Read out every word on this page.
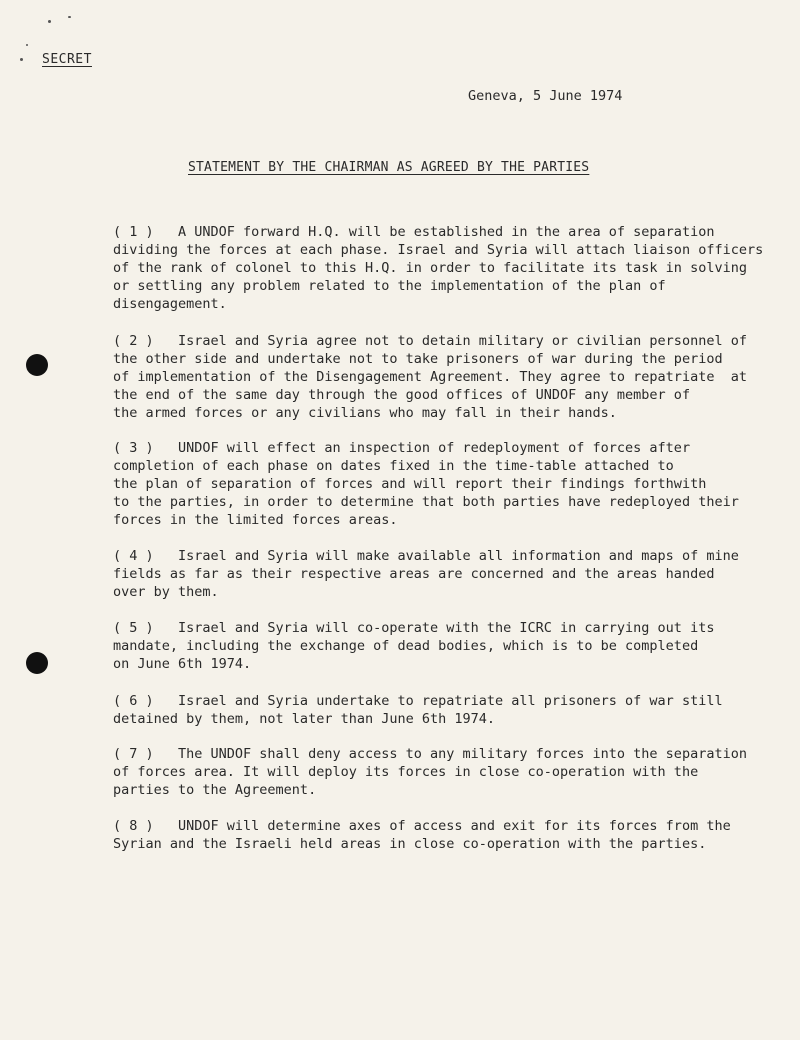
SECRET
Geneva, 5 June 1974
STATEMENT BY THE CHAIRMAN AS AGREED BY THE PARTIES
( 1 )   A UNDOF forward H.Q. will be established in the area of separation
dividing the forces at each phase. Israel and Syria will attach liaison officers
of the rank of colonel to this H.Q. in order to facilitate its task in solving
or settling any problem related to the implementation of the plan of
disengagement.
( 2 )   Israel and Syria agree not to detain military or civilian personnel of
the other side and undertake not to take prisoners of war during the period
of implementation of the Disengagement Agreement. They agree to repatriate  at
the end of the same day through the good offices of UNDOF any member of
the armed forces or any civilians who may fall in their hands.
( 3 )   UNDOF will effect an inspection of redeployment of forces after
completion of each phase on dates fixed in the time-table attached to
the plan of separation of forces and will report their findings forthwith
to the parties, in order to determine that both parties have redeployed their
forces in the limited forces areas.
( 4 )   Israel and Syria will make available all information and maps of mine
fields as far as their respective areas are concerned and the areas handed
over by them.
( 5 )   Israel and Syria will co-operate with the ICRC in carrying out its
mandate, including the exchange of dead bodies, which is to be completed
on June 6th 1974.
( 6 )   Israel and Syria undertake to repatriate all prisoners of war still
detained by them, not later than June 6th 1974.
( 7 )   The UNDOF shall deny access to any military forces into the separation
of forces area. It will deploy its forces in close co-operation with the
parties to the Agreement.
( 8 )   UNDOF will determine axes of access and exit for its forces from the
Syrian and the Israeli held areas in close co-operation with the parties.
